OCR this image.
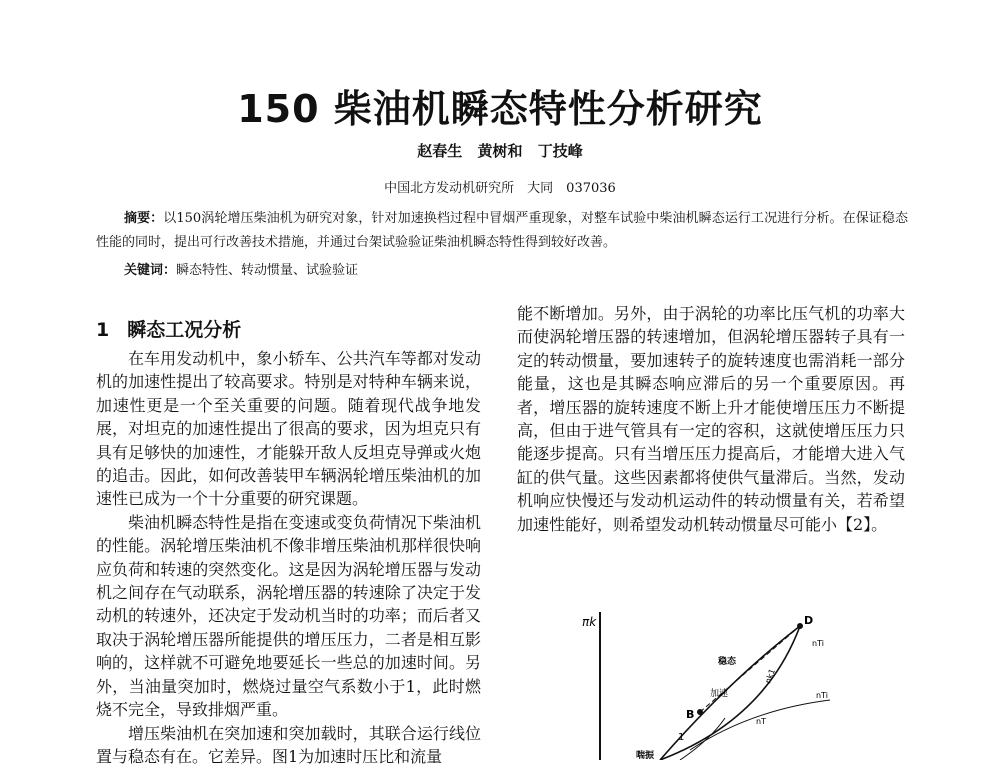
150 柴油机瞬态特性分析研究
赵春生 黄树和 丁技峰
中国北方发动机研究所　大同　037036
摘要：以150涡轮增压柴油机为研究对象，针对加速换档过程中冒烟严重现象，对整车试验中柴油机瞬态运行工况进行分析。在保证稳态性能的同时，提出可行改善技术措施，并通过台架试验验证柴油机瞬态特性得到较好改善。
关键词：瞬态特性、转动惯量、试验验证
1 瞬态工况分析

在车用发动机中，象小轿车、公共汽车等都对发动机的加速性提出了较高要求。特别是对特种车辆来说，加速性更是一个至关重要的问题。随着现代战争地发展，对坦克的加速性提出了很高的要求，因为坦克只有具有足够快的加速性，才能躲开敌人反坦克导弹或火炮的追击。因此，如何改善装甲车辆涡轮增压柴油机的加速性已成为一个十分重要的研究课题。

柴油机瞬态特性是指在变速或变负荷情况下柴油机的性能。涡轮增压柴油机不像非增压柴油机那样很快响应负荷和转速的突然变化。这是因为涡轮增压器与发动机之间存在气动联系，涡轮增压器的转速除了决定于发动机的转速外，还决定于发动机当时的功率；而后者又取决于涡轮增压器所能提供的增压压力，二者是相互影响的，这样就不可避免地要延长一些总的加速时间。另外，当油量突加时，燃烧过量空气系数小于1，此时燃烧不完全，导致排烟严重。

增压柴油机在突加速和突加载时，其联合运行线位置与稳态有在。它差异。图1为加速时压比和流量

能不断增加。另外，由于涡轮的功率比压气机的功率大而使涡轮增压器的转速增加，但涡轮增压器转子具有一定的转动惯量，要加速转子的旋转速度也需消耗一部分能量，这也是其瞬态响应滞后的另一个重要原因。再者，增压器的旋转速度不断上升才能使增压压力不断提高，但由于进气管具有一定的容积，这就使增压压力只能逐步提高。只有当增压压力提高后，才能增大进入气缸的供气量。这些因素都将使供气量滞后。当然，发动机响应快慢还与发动机运动件的转动惯量有关，若希望加速性能好，则希望发动机转动惯量尽可能小【2】。

πk	D
B
1
稳态
加速
喘振
nTi
nT
nTi
nk1
